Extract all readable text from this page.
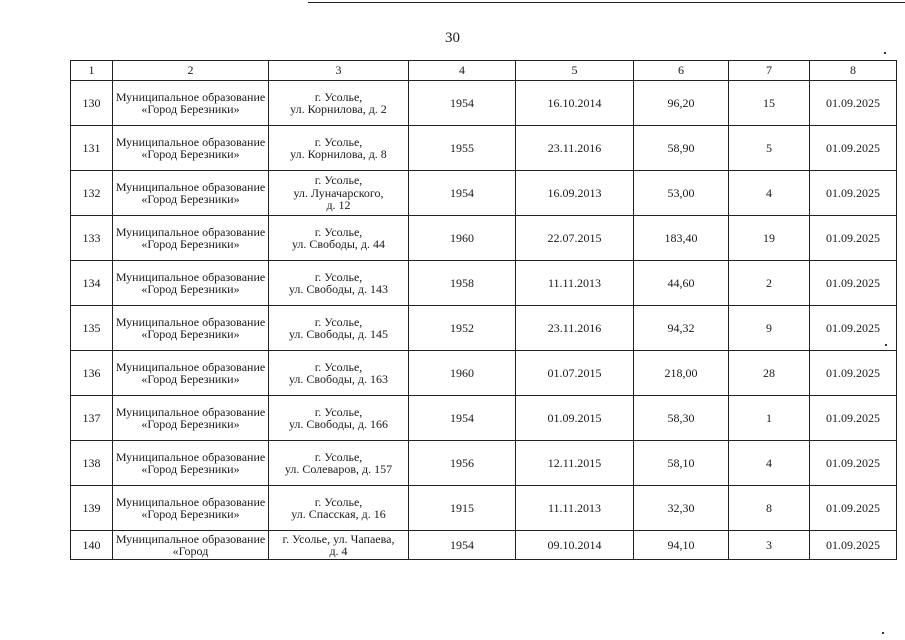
30
1	2	3	4	5	6	7	8
130	Муниципальное образование «Город Березники»	г. Усолье,
ул. Корнилова, д. 2	1954	16.10.2014	96,20	15	01.09.2025
131	Муниципальное образование «Город Березники»	г. Усолье,
ул. Корнилова, д. 8	1955	23.11.2016	58,90	5	01.09.2025
132	Муниципальное образование «Город Березники»	г. Усолье,
ул. Луначарского,
д. 12	1954	16.09.2013	53,00	4	01.09.2025
133	Муниципальное образование «Город Березники»	г. Усолье,
ул. Свободы, д. 44	1960	22.07.2015	183,40	19	01.09.2025
134	Муниципальное образование «Город Березники»	г. Усолье,
ул. Свободы, д. 143	1958	11.11.2013	44,60	2	01.09.2025
135	Муниципальное образование «Город Березники»	г. Усолье,
ул. Свободы, д. 145	1952	23.11.2016	94,32	9	01.09.2025
136	Муниципальное образование «Город Березники»	г. Усолье,
ул. Свободы, д. 163	1960	01.07.2015	218,00	28	01.09.2025
137	Муниципальное образование «Город Березники»	г. Усолье,
ул. Свободы, д. 166	1954	01.09.2015	58,30	1	01.09.2025
138	Муниципальное образование «Город Березники»	г. Усолье,
ул. Солеваров, д. 157	1956	12.11.2015	58,10	4	01.09.2025
139	Муниципальное образование «Город Березники»	г. Усолье,
ул. Спасская, д. 16	1915	11.11.2013	32,30	8	01.09.2025
140	Муниципальное образование «Город	г. Усолье, ул. Чапаева,
д. 4	1954	09.10.2014	94,10	3	01.09.2025
